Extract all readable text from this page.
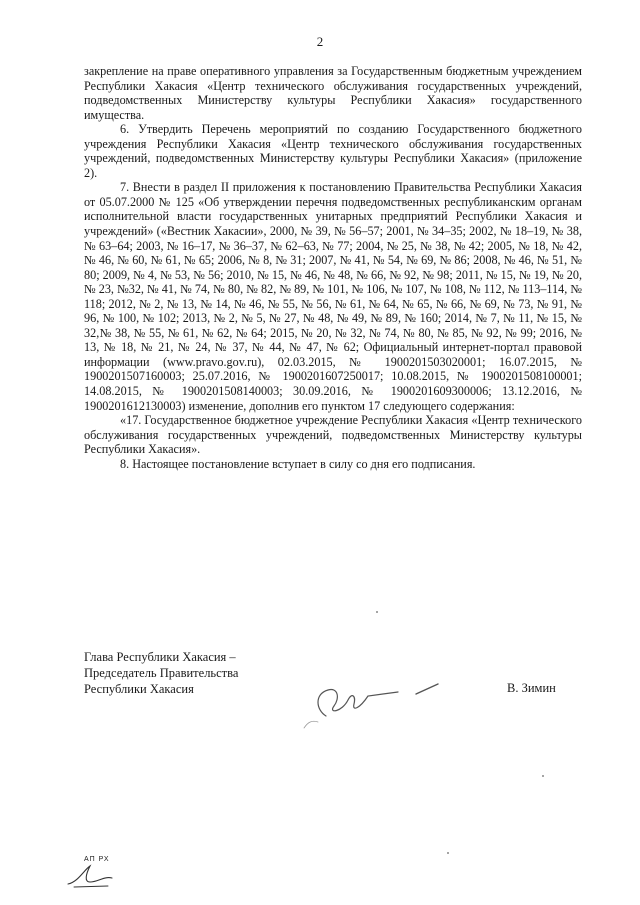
2

закрепление на праве оперативного управления за Государственным бюджетным учреждением Республики Хакасия «Центр технического обслуживания государственных учреждений, подведомственных Министерству культуры Республики Хакасия» государственного имущества.

6. Утвердить Перечень мероприятий по созданию Государственного бюджетного учреждения Республики Хакасия «Центр технического обслуживания государственных учреждений, подведомственных Министерству культуры Республики Хакасия» (приложение 2).

7. Внести в раздел II приложения к постановлению Правительства Республики Хакасия от 05.07.2000 № 125 «Об утверждении перечня подведомственных республиканским органам исполнительной власти государственных унитарных предприятий Республики Хакасия и учреждений» («Вестник Хакасии», 2000, № 39, № 56–57; 2001, № 34–35; 2002, № 18–19, № 38, № 63–64; 2003, № 16–17, № 36–37, № 62–63, № 77; 2004, № 25, № 38, № 42; 2005, № 18, № 42, № 46, № 60, № 61, № 65; 2006, № 8, № 31; 2007, № 41, № 54, № 69, № 86; 2008, № 46, № 51, № 80; 2009, № 4, № 53, № 56; 2010, № 15, № 46, № 48, № 66, № 92, № 98; 2011, № 15, № 19, № 20, № 23, №32, № 41, № 74, № 80, № 82, № 89, № 101, № 106, № 107, № 108, № 112, № 113–114, № 118; 2012, № 2, № 13, № 14, № 46, № 55, № 56, № 61, № 64, № 65, № 66, № 69, № 73, № 91, № 96, № 100, № 102; 2013, № 2, № 5, № 27, № 48, № 49, № 89, № 160; 2014, № 7, № 11, № 15, № 32,№ 38, № 55, № 61, № 62, № 64; 2015, № 20, № 32, № 74, № 80, № 85, № 92, № 99; 2016, № 13, № 18, № 21, № 24, № 37, № 44, № 47, № 62; Официальный интернет-портал правовой информации (www.pravo.gov.ru), 02.03.2015, № 1900201503020001; 16.07.2015, № 1900201507160003; 25.07.2016, № 1900201607250017; 10.08.2015, № 1900201508100001; 14.08.2015, № 1900201508140003; 30.09.2016, № 1900201609300006; 13.12.2016, № 1900201612130003) изменение, дополнив его пунктом 17 следующего содержания:

«17. Государственное бюджетное учреждение Республики Хакасия «Центр технического обслуживания государственных учреждений, подведомственных Министерству культуры Республики Хакасия».

8. Настоящее постановление вступает в силу со дня его подписания.

Глава Республики Хакасия –
Председатель Правительства
Республики Хакасия	В. Зимин
АП РХ
